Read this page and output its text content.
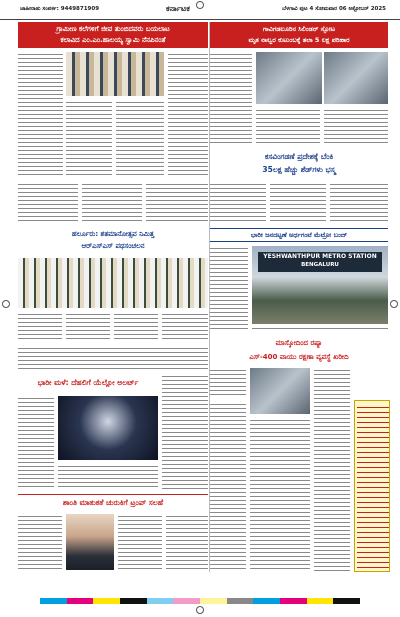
ಜಾಹೀರಾತು ಸಂಪರ್ಕ: 9449871909	ಕರ್ನಾಟಕ	ಬೆಳಗಾವಿ ಪುಟ 4 ಸೋಮವಾರ 06 ಅಕ್ಟೋಬರ್ 2025
ಗ್ರಾಮೀಣ ಕಲೆಗಳಿಗೆ ಜೀವ ತುಂಬಿದವರು ಬಯಲಾಟ
ಕಲಾವಿದ ಎಂ.ಎಂ.ಹಾಲಯ್ಯ ಸ್ವಾಮಿ ನೆನಪಿನಂತೆ
ಗಾವಿಗಡಲೂರಿನ ಸಿಲಿಂಡರ್ ಸ್ಫೋಟ
ಮೃತ ನಾಲ್ವರ ಕುಟುಂಬಕ್ಕೆ ತಲಾ 5 ಲಕ್ಷ ಪರಿಹಾರ
ಕಸವಿಂಗಡಣೆ ಪ್ರದೇಶಕ್ಕೆ ಬೆಂಕಿ
35ಲಕ್ಷ ಹೆಚ್ಚು ಶೆಡ್‌ಗಳು ಭಸ್ಮ
ಹರ್ಲೂರು: ಶತಮಾನೋತ್ಸವ ನಿಮಿತ್ತ
ಆರ್‌ಎಸ್‌ಎಸ್ ಪಥಸಂಚಲನ
ಭಾರೀ ಜನದಟ್ಟಣೆ ಅರ್ಧಗಂಟೆ ಮೆಟ್ರೋ ಬಂದ್
YESHWANTHPUR METRO STATION
BENGALURU
ಭಾರೀ ಮಳೆ: ದೆಹಲಿಗೆ ಯೆಲ್ಲೋ ಅಲರ್ಟ್
ಮಾಸ್ಕೋದಿಂದ ರಷ್ಯಾ
ಎಸ್-400 ವಾಯು ರಕ್ಷಣಾ ವ್ಯವಸ್ಥೆ ಖರೀದಿ
ಶಾಂತಿ ಮಾತುಕತೆ ಚುರುಕಿಗೆ ಟ್ರಂಪ್ ಸಲಹೆ
